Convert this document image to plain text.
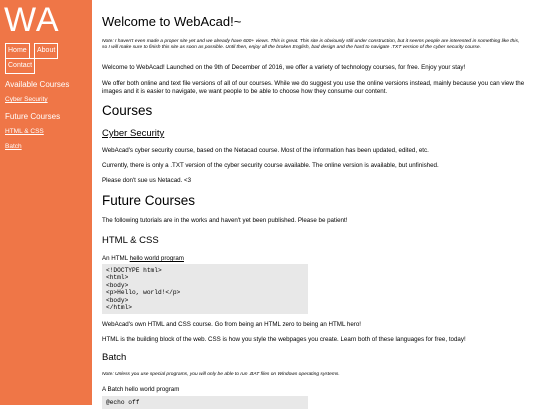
WA
Home	About
Contact
Available Courses
Cyber Security
Future Courses
HTML & CSS
Batch
Welcome to WebAcad!~

Note: I haven't even made a proper site yet and we already have 600+ views. This is great. This site is obviously still under construction, but it seems people are interested in something like this, so I will make sure to finish this site as soon as possible. Until then, enjoy all the broken English, bad design and the hard to navigate .TXT version of the cyber security course.

Welcome to WebAcad! Launched on the 9th of December of 2016, we offer a variety of technology courses, for free. Enjoy your stay!

We offer both online and text file versions of all of our courses. While we do suggest you use the online versions instead, mainly because you can view the images and it is easier to navigate, we want people to be able to choose how they consume our content.

Courses
Cyber Security

WebAcad's cyber security course, based on the Netacad course. Most of the information has been updated, edited, etc.

Currently, there is only a .TXT version of the cyber security course available. The online version is available, but unfinished.

Please don't sue us Netacad. <3

Future Courses

The following tutorials are in the works and haven't yet been published. Please be patient!

HTML & CSS

An HTML hello world program

<!DOCTYPE html>
<html>
<body>
<p>Hello, world!</p>
<body>
</html>

WebAcad's own HTML and CSS course. Go from being an HTML zero to being an HTML hero!

HTML is the building block of the web. CSS is how you style the webpages you create. Learn both of these languages for free, today!

Batch

Note: Unless you use special programs, you will only be able to run .BAT files on Windows operating systems.

A Batch hello world program

@echo off
